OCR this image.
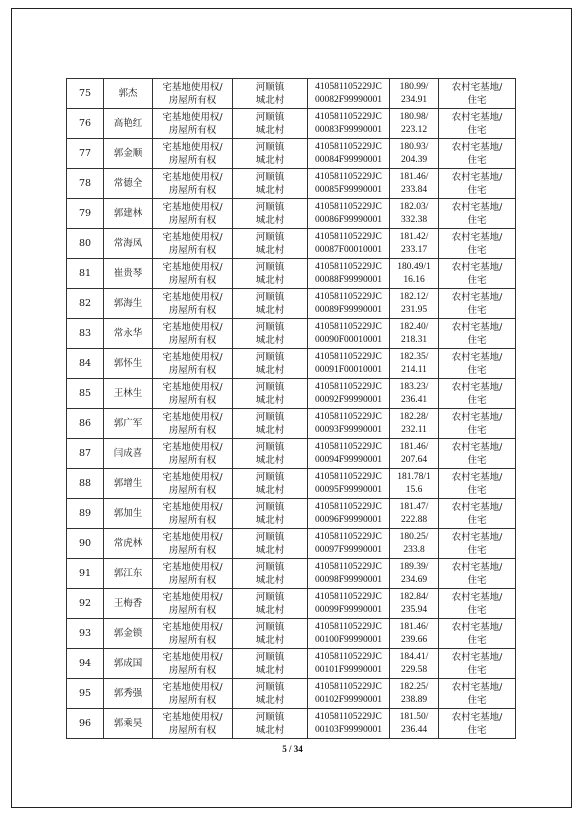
75	郭杰	宅基地使用权/
房屋所有权	河顺镇
城北村	410581105229JC
00082F99990001	180.99/
234.91	农村宅基地/
住宅

76	高艳红	宅基地使用权/
房屋所有权	河顺镇
城北村	410581105229JC
00083F99990001	180.98/
223.12	农村宅基地/
住宅

77	郭金顺	宅基地使用权/
房屋所有权	河顺镇
城北村	410581105229JC
00084F99990001	180.93/
204.39	农村宅基地/
住宅

78	常德全	宅基地使用权/
房屋所有权	河顺镇
城北村	410581105229JC
00085F99990001	181.46/
233.84	农村宅基地/
住宅

79	郭建林	宅基地使用权/
房屋所有权	河顺镇
城北村	410581105229JC
00086F99990001	182.03/
332.38	农村宅基地/
住宅

80	常海凤	宅基地使用权/
房屋所有权	河顺镇
城北村	410581105229JC
00087F00010001	181.42/
233.17	农村宅基地/
住宅

81	崔贵琴	宅基地使用权/
房屋所有权	河顺镇
城北村	410581105229JC
00088F99990001	180.49/1
16.16	农村宅基地/
住宅

82	郭海生	宅基地使用权/
房屋所有权	河顺镇
城北村	410581105229JC
00089F99990001	182.12/
231.95	农村宅基地/
住宅

83	常永华	宅基地使用权/
房屋所有权	河顺镇
城北村	410581105229JC
00090F00010001	182.40/
218.31	农村宅基地/
住宅

84	郭怀生	宅基地使用权/
房屋所有权	河顺镇
城北村	410581105229JC
00091F00010001	182.35/
214.11	农村宅基地/
住宅

85	王林生	宅基地使用权/
房屋所有权	河顺镇
城北村	410581105229JC
00092F99990001	183.23/
236.41	农村宅基地/
住宅

86	郭广军	宅基地使用权/
房屋所有权	河顺镇
城北村	410581105229JC
00093F99990001	182.28/
232.11	农村宅基地/
住宅

87	闫成喜	宅基地使用权/
房屋所有权	河顺镇
城北村	410581105229JC
00094F99990001	181.46/
207.64	农村宅基地/
住宅

88	郭增生	宅基地使用权/
房屋所有权	河顺镇
城北村	410581105229JC
00095F99990001	181.78/1
15.6	农村宅基地/
住宅

89	郭加生	宅基地使用权/
房屋所有权	河顺镇
城北村	410581105229JC
00096F99990001	181.47/
222.88	农村宅基地/
住宅

90	常虎林	宅基地使用权/
房屋所有权	河顺镇
城北村	410581105229JC
00097F99990001	180.25/
233.8	农村宅基地/
住宅

91	郭江东	宅基地使用权/
房屋所有权	河顺镇
城北村	410581105229JC
00098F99990001	189.39/
234.69	农村宅基地/
住宅

92	王梅香	宅基地使用权/
房屋所有权	河顺镇
城北村	410581105229JC
00099F99990001	182.84/
235.94	农村宅基地/
住宅

93	郭金锁	宅基地使用权/
房屋所有权	河顺镇
城北村	410581105229JC
00100F99990001	181.46/
239.66	农村宅基地/
住宅

94	郭成国	宅基地使用权/
房屋所有权	河顺镇
城北村	410581105229JC
00101F99990001	184.41/
229.58	农村宅基地/
住宅

95	郭秀强	宅基地使用权/
房屋所有权	河顺镇
城北村	410581105229JC
00102F99990001	182.25/
238.89	农村宅基地/
住宅

96	郭乘昊	宅基地使用权/
房屋所有权	河顺镇
城北村	410581105229JC
00103F99990001	181.50/
236.44	农村宅基地/
住宅
5 / 34
